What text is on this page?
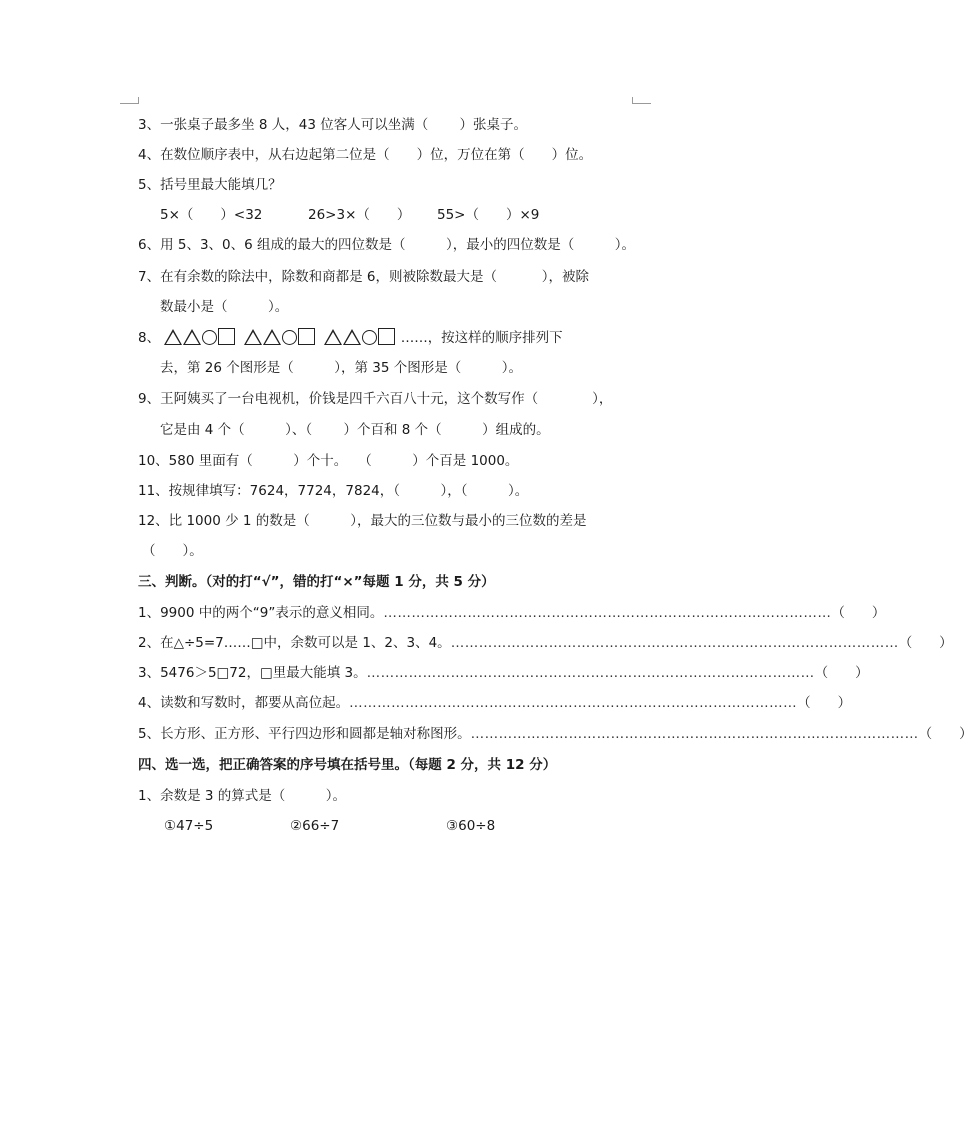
3、一张桌子最多坐 8 人，43 位客人可以坐满（　　 ）张桌子。
4、在数位顺序表中，从右边起第二位是（　　）位，万位在第（　　）位。
5、括号里最大能填几？
5×（　　）<32	26>3×（　　） 55>（　　）×9
6、用 5、3、0、6 组成的最大的四位数是（　　　），最小的四位数是（　　　）。
7、在有余数的除法中，除数和商都是 6，则被除数最大是（　　　 ），被除
数最小是（　　　）。
8、	……，按这样的顺序排列下
去，第 26 个图形是（　　　），第 35 个图形是（　　　）。
9、王阿姨买了一台电视机，价钱是四千六百八十元，这个数写作（　　　　），
它是由 4 个（　　　）、（　　 ）个百和 8 个（　　　）组成的。
10、580 里面有（　　　）个十。　 （　　　）个百是 1000。
11、按规律填写：7624，7724，7824，（　　　），（　　　）。
12、比 1000 少 1 的数是（　　　），最大的三位数与最小的三位数的差是
（　　）。
三、判断。（对的打“√”，错的打“×”每题 1 分，共 5 分）
1、9900 中的两个“9”表示的意义相同。 …………………………………………………………………………………… （　　）
2、在△÷5=7……□中，余数可以是 1、2、3、4。 …………………………………………………………………………………… （　　）
3、5476＞5□72，□里最大能填 3。 …………………………………………………………………………………… （　　）
4、读数和写数时，都要从高位起。 …………………………………………………………………………………… （　　）
5、长方形、正方形、平行四边形和圆都是轴对称图形。 …………………………………………………………………………………… （　　）
四、选一选，把正确答案的序号填在括号里。（每题 2 分，共 12 分）
1、余数是 3 的算式是（　　　）。
①47÷5	②66÷7	③60÷8
